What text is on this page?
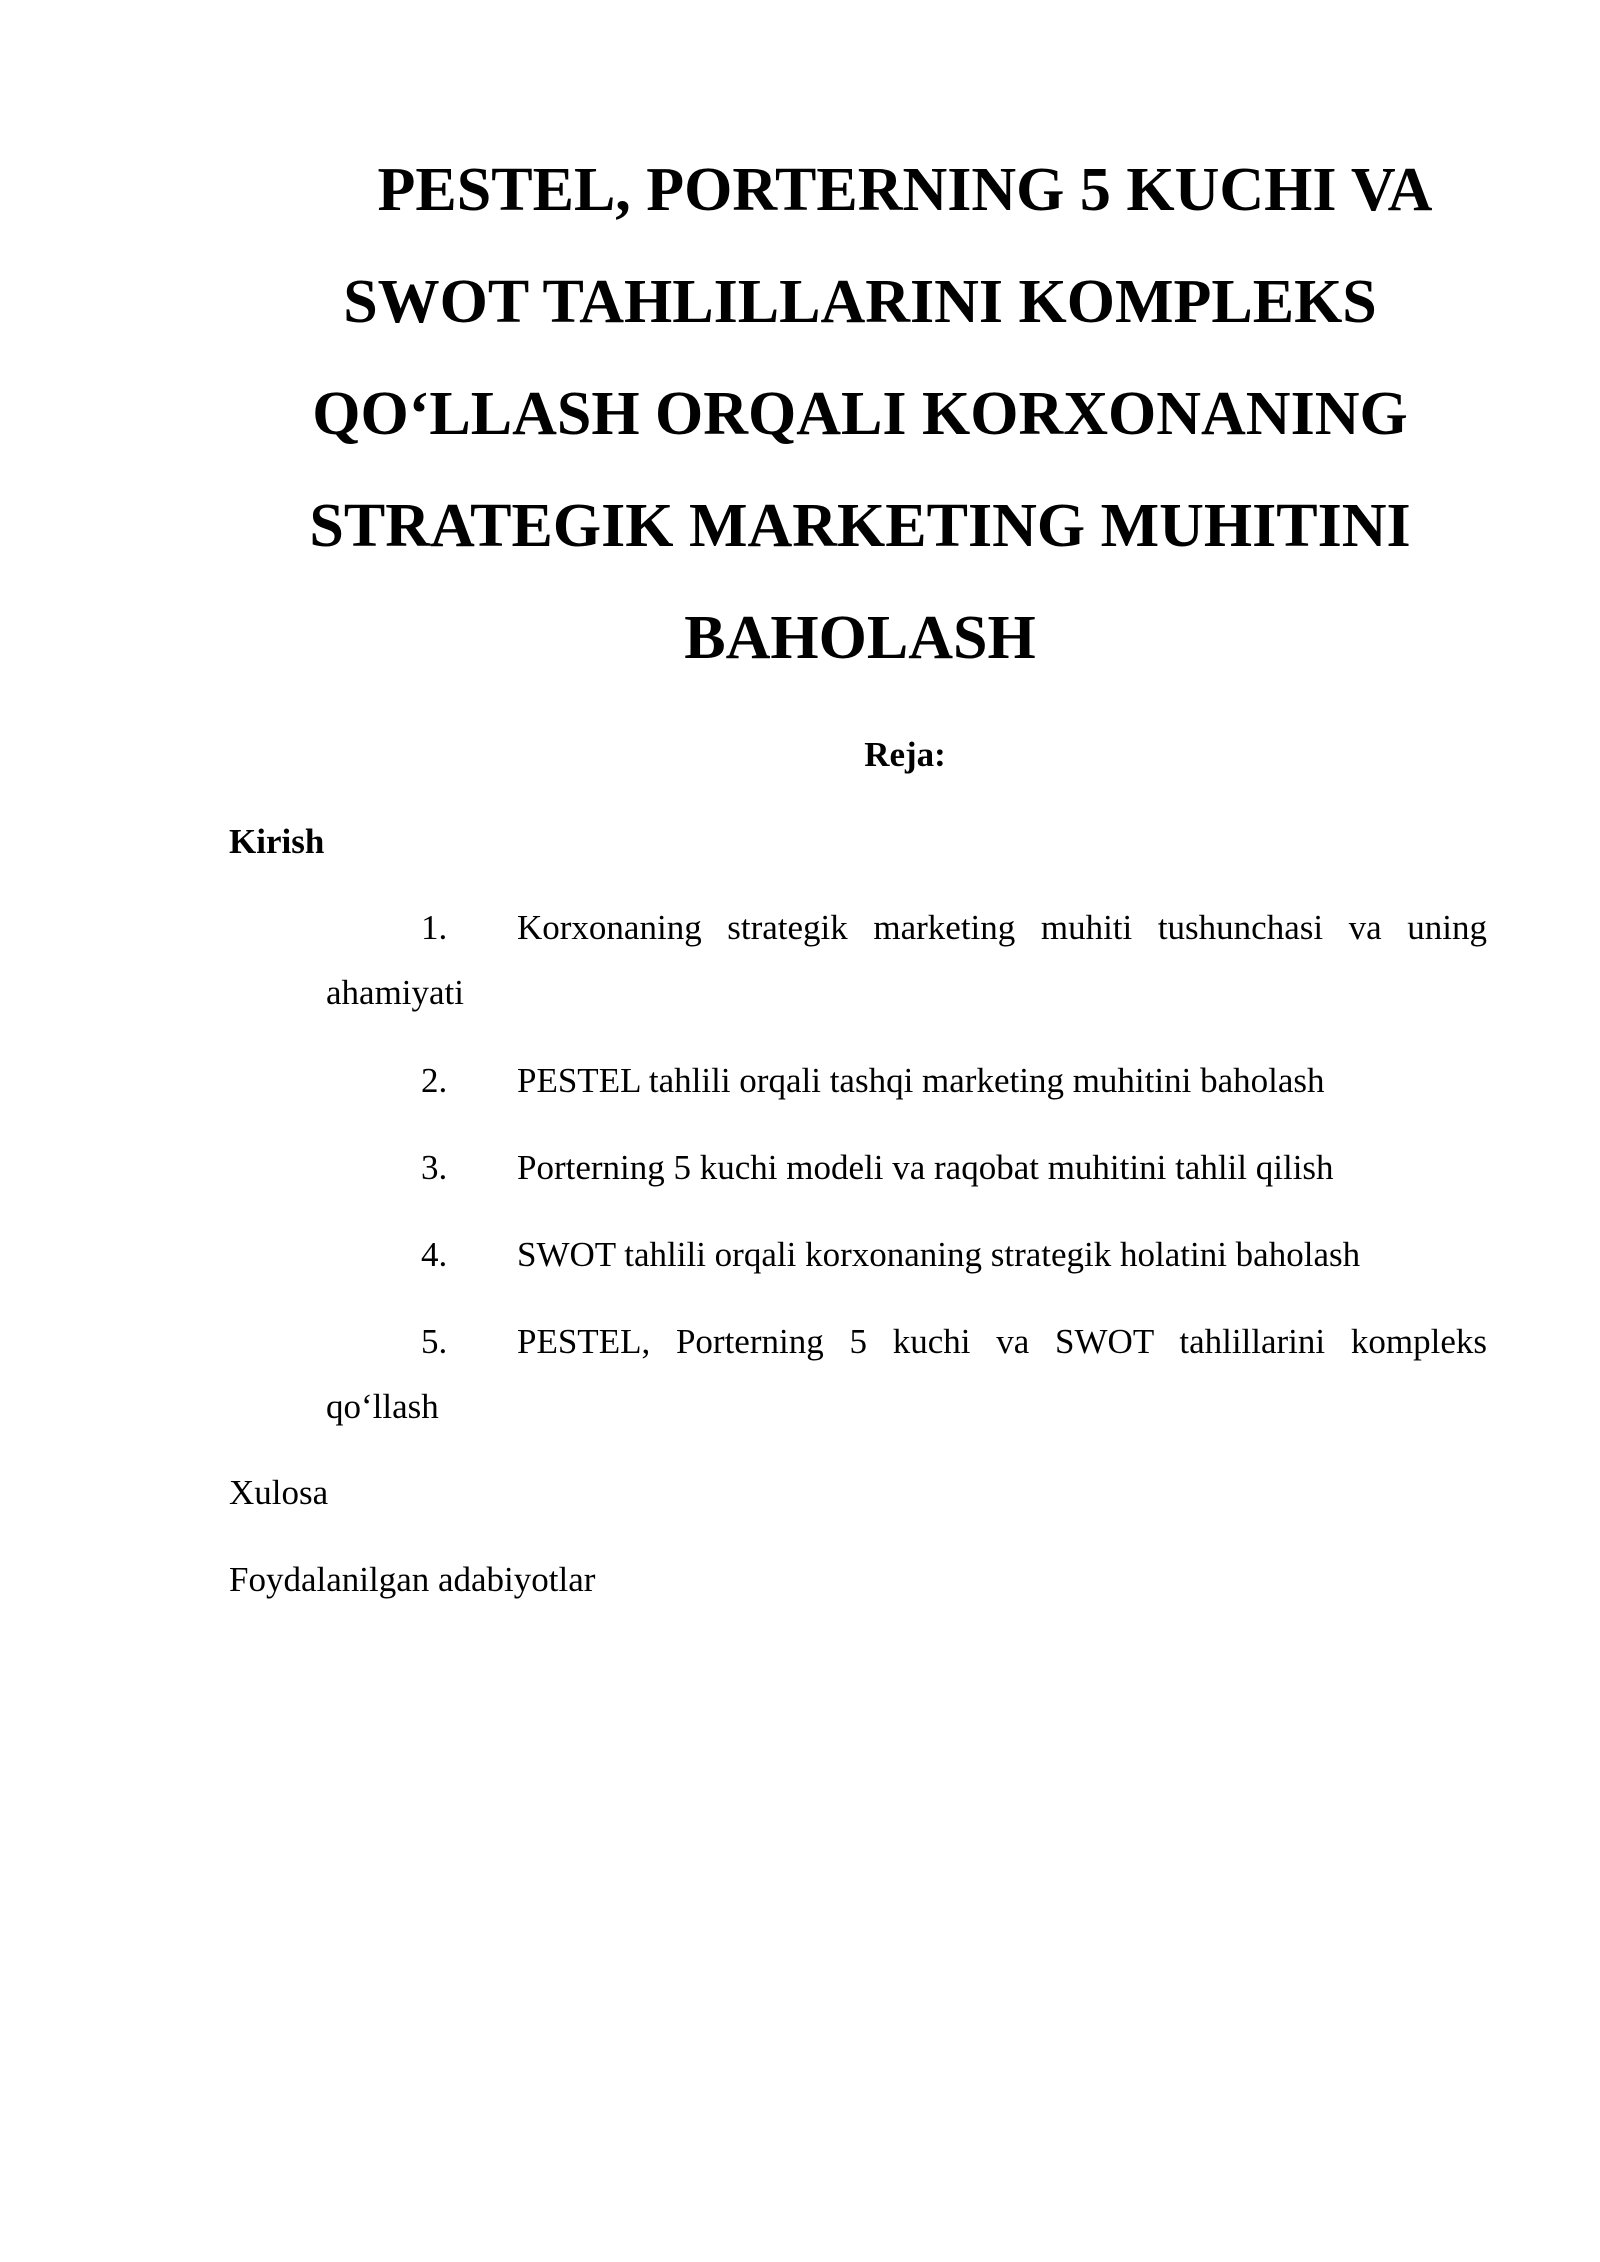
PESTEL, PORTERNING 5 KUCHI VA
SWOT TAHLILLARINI KOMPLEKS
QO‘LLASH ORQALI KORXONANING
STRATEGIK MARKETING MUHITINI
BAHOLASH

Reja:

Kirish

1. Korxonaning strategik marketing muhiti tushunchasi va uning
ahamiyati
2.	PESTEL tahlili orqali tashqi marketing muhitini baholash
3.	Porterning 5 kuchi modeli va raqobat muhitini tahlil qilish
4.	SWOT tahlili orqali korxonaning strategik holatini baholash
5. PESTEL, Porterning 5 kuchi va SWOT tahlillarini kompleks
qo‘llash

Xulosa

Foydalanilgan adabiyotlar
